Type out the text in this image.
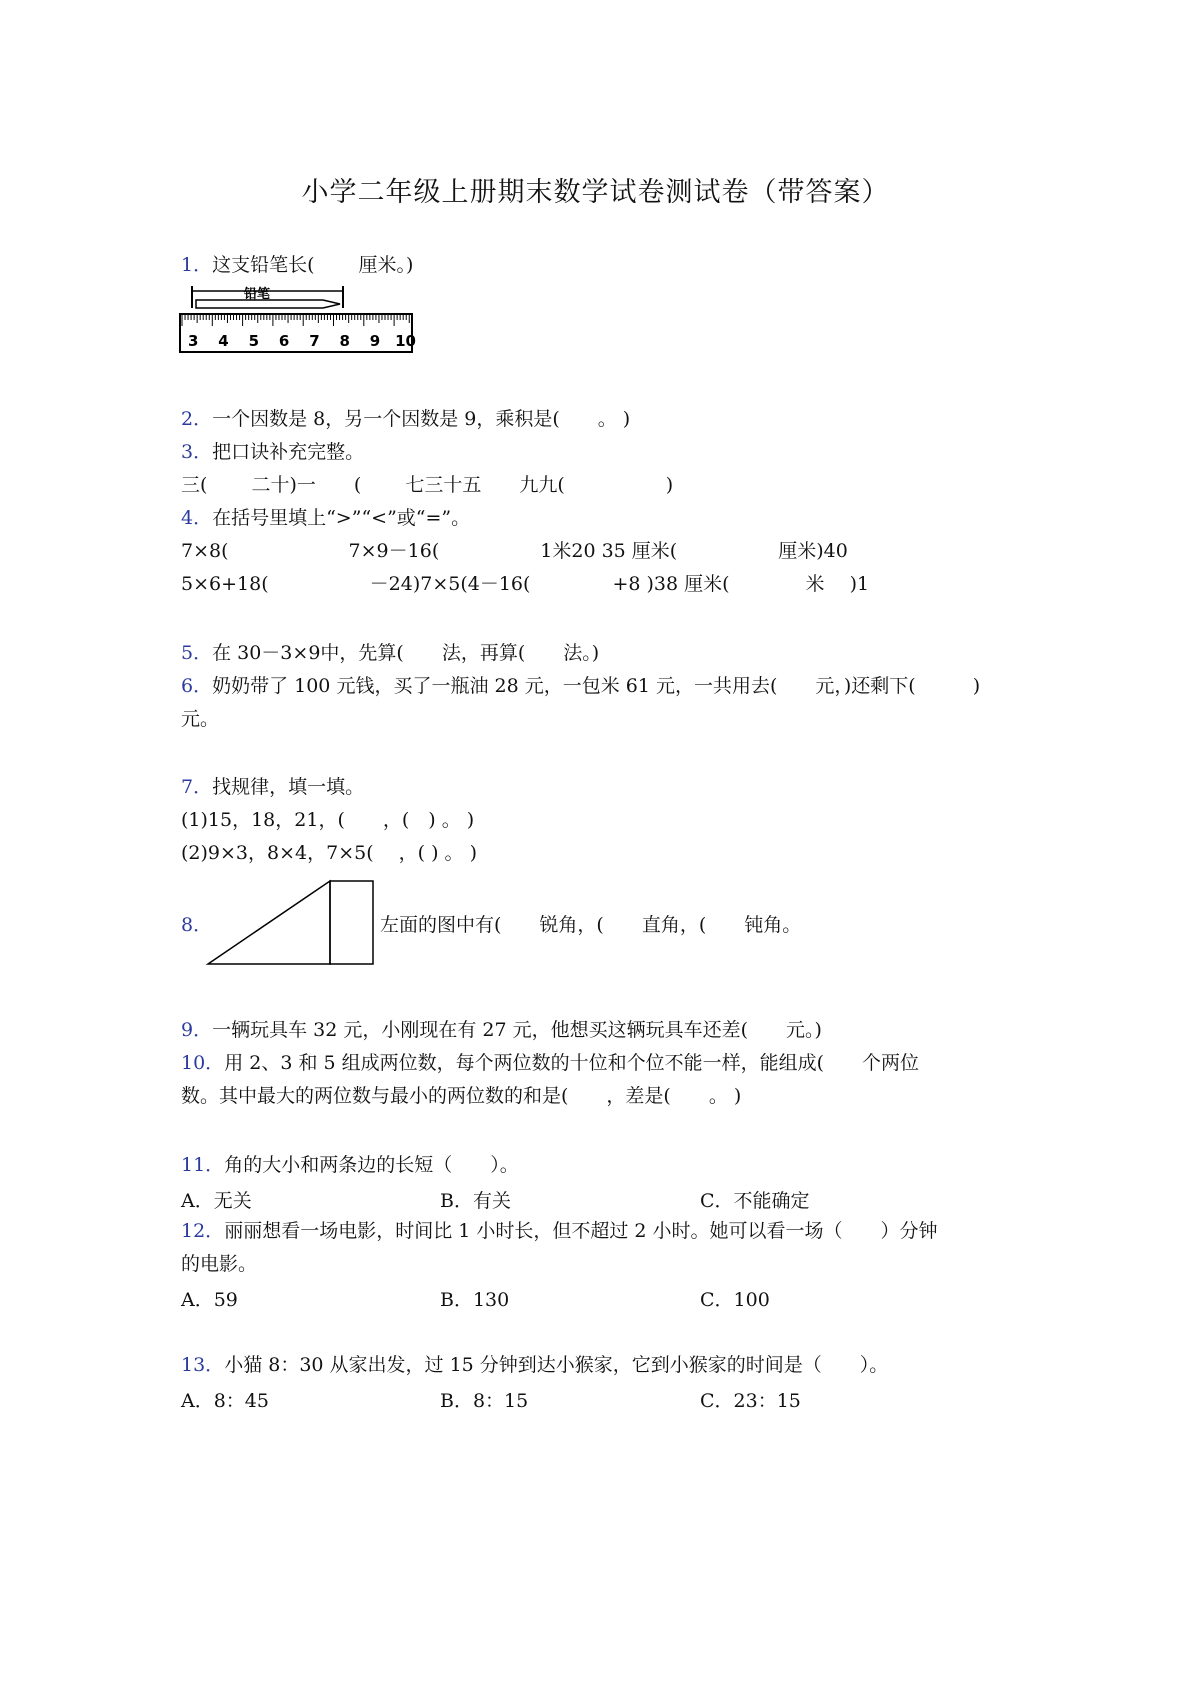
小学二年级上册期末数学试卷测试卷（带答案）
1．这支铅笔长(　　 厘米。)
铅笔
3 4 5 6 7 8 9 10
2．一个因数是 8，另一个因数是 9，乘积是(　　。 )
3．把口诀补充完整。
三(　　 二十)一　　(　　 七三十五　　九九(　　　　　 )
4．在括号里填上“>”“<”或“=”。
7×8(　　　　　　 7×9－16(　　　　　 1米20 35 厘米(　　　　　 厘米)40
5×6+18(　　　　　 －24)7×5(4－16(　　　　 +8 )38 厘米(　　　　米　 )1
5．在 30－3×9中，先算(　　法，再算(　　法。)
6．奶奶带了 100 元钱，买了一瓶油 28 元，一包米 61 元，一共用去(　　元，)还剩下(　　　)
元。
7．找规律，填一填。
(1)15，18，21，(　　，(　) 。 )
(2)9×3，8×4，7×5(　 ，( ) 。 )
8．	左面的图中有(　　锐角，(　　直角，(　　钝角。
9．一辆玩具车 32 元，小刚现在有 27 元，他想买这辆玩具车还差(　　元。)
10．用 2、3 和 5 组成两位数，每个两位数的十位和个位不能一样，能组成(　　个两位
数。其中最大的两位数与最小的两位数的和是(　　，差是(　　。 )
11．角的大小和两条边的长短（　　）。
A．无关	B．有关	C．不能确定
12．丽丽想看一场电影，时间比 1 小时长，但不超过 2 小时。她可以看一场（　　）分钟
的电影。
A．59	B．130	C．100
13．小猫 8：30 从家出发，过 15 分钟到达小猴家，它到小猴家的时间是（　　）。
A．8：45	B．8：15	C．23：15
